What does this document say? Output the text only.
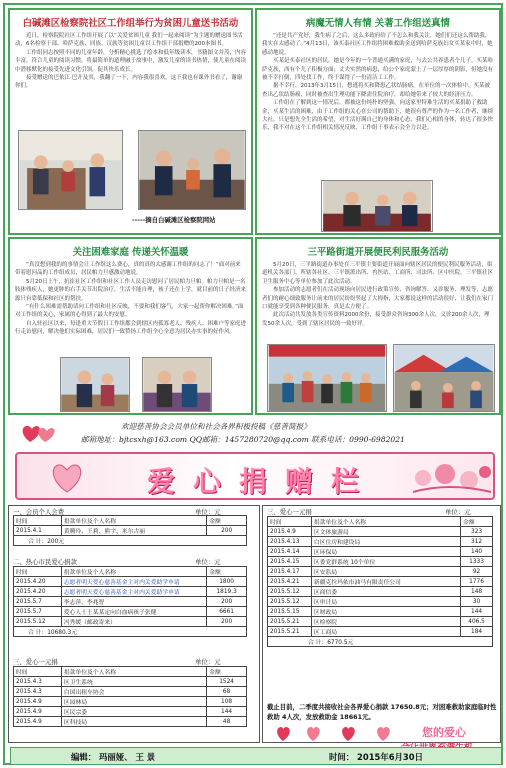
白碱滩区检察院社区工作组举行为贫困儿童送书活动

近日，检察院院社区工作组开展了以“关爱贫困儿童 我们一起来阅读”为主题的赠送图书活动，6名检察干部、哈萨克族、回族、汉族等贫困儿童以工作组干部捐赠的200本图书。

工作组同志按照不同的儿童年龄，分析精心挑选了绘本和低年级读本，书籍图文并茂，内容丰富，符合儿童的阅读习惯，将最简单的道理融于故事中，激发儿童的读书热情，使儿童在阅读中潜移默化的接受先进文化引领，促其快乐成长。

接受赠送的巴依江·巴开及其，我翻了一下，内容我很喜欢，这下我也有课外书看了，谢谢你们。

-----摘自白碱滩区检察院网站
病魔无情人有情 关著工作组送真情

“还是共产党好，我生病了之后，这么多政府给了不怎么和我关注，她们们还这么帮助我，我实在太感动了。”4月13日，该买泰社区工作组将困难救助金送到哈萨克族妇女买某家中时，她感动地说。

买某是买泰社区的居民，她是今年的一个普通买满的家庭，与去公共养患者个儿子。买某哈萨克族，西有个儿子积极方面；丈夫实然的病患，给公个家庭蒙上了一层厚厚的阴影，但她没有被不幸打倒，四处找工作，终于谋得了一份清洁工工作。

据不幸行，2013年3月15日，想逃将买和降患乙状结肠癌，在单位的一次体检中，买某被查出乙状结肠癌，同时被查出生理功能下降需住院治疗，却给她带来了较大的经济压力。

工作组在了解到这一情况后，都被这份纯朴的坚强，向这家里特难生活的买某捐助了救助金，买某生活的困难，由于工作组的关心在公司的帮助下，她很有尊严的作为一名工作者，继续大社，只是想先全生活的希望，对生活好满自己的身体和心态，我们心相的身体，转达了很多快乐，我不对在这个工作组相关情况反映，工作组干事表示会全力以赴。

关注困难家庭 传递关怀温暖

“真没想到我的的事情会让工作组这么费心，真的真的太感谢工作组的同志了！”面对前来带着慰问品的工作组成员，居民帕力旦感激动地说。

5月20日上午，抗崔社区工作组和社区工作人员走访慰问了居民帕力旦帕。帕力旦帕是一名肢体残疾人，她更肿的右手关节出院治疗，生活不能自理，孩子还在上学，就目前的日子经济来源只有靠低保和社区的帮扶。

“有什么困难需帮助请向工作组和社区反映，不要和我们客气，大家一起帮你解决困难。”面对工作组的关心，家属的心得到了最大的安慰。

自入驻社区以来，每逢重大节假日工作组都会到辖区内孤寡老人、残疾人、困难户等家庭进行走访慰问，解决他们实际困难，居民们一致赞扬工作组全心全意为居民办实事的好作风。

三平路街道开展便民利民服务活动

5月20日，三平路街道办事处在三平镇主要街道开展面向辖区居民的便民利民服务活动，街道机关各部门、所辖各社区、三平镇派出所、兽医站、工商所、司法所、区中医院、三平镇社区卫生服务中心等单位参加了此次活动。

参加活动的志愿者们在活动现场向居民进行政策宣传、咨询解答、义诊服务、理发等，志愿者们的耐心细致服务让前来的居民纷纷竖起了大拇指，大家都说这样的活动很好，让我们在家门口就能享受到各种便民服务，真是太方便了。

此次活动共发放各类宣传资料2000余份，接受群众咨询300余人次，义诊200余人次，理发50余人次，受到了辖区居民的一致好评。

欢迎慈善协会会员单位和社会各界积极投稿《慈善简报》
邮箱地址：bjtcsxh@163.com QQ邮箱：1457280720@qq.com 联系电话：0990-6982021
爱心捐赠栏
一、会员个人会费	单位：元
时间	捐款单位及个人名称	金额
2015.4.1	黄腾玲、王莉、熊宇、米尔古丽	200
合 计：200元		
二、热心市民爱心捐款	单位：元
时间	捐款单位及个人名称	金额
2015.4.20	志愿者明天爱心慈善基金主对内关爱助学申请	1800
2015.4.20	志愿者明天爱心慈善基金主对内关爱助学申请	1819.3
2015.5.7	李志萍、李兆智	200
2015.5.7	爱心人士王某某定向白血病孩子张健	6661
2015.5.12	冯秀媛（邮政寄来）	200
合 计：10680.3元		
三、爱心一元捐	单位：元
时间	捐款单位及个人名称	金额
2015.4.3	区卫生系统	1524
2015.4.3	白国出租车协会	68
2015.4.9	区园林局	108
2015.4.9	区民宗委	144
2015.4.9	区科技局	48
三、爱心一元捐	单位：元
时间	捐款单位及个人名称	金额
2015.4.9	区文体旅游局	323
2015.4.13	白区住房和建设局	312
2015.4.14	区环保局	140
2015.4.15	区委党群系统 10个单位	1333
2015.4.17	区安监局	92
2015.4.21	新疆克拉玛依市油马有限责任公司	1776
2015.5.12	区商信委	148
2015.5.12	区审计局	30
2015.5.15	区财政局	144
2015.5.21	区检察院	406.5
2015.5.21	区工商局	184
合 计：6770.5元		
截止目前，二季度共接收社会各界爱心捐款 17650.8元；对困难救助家庭临时性救助 4人次，发放救助金 18661元。
您的爱心
编辑： 玛丽娅、 王 景	时间： 2015年6月30日
